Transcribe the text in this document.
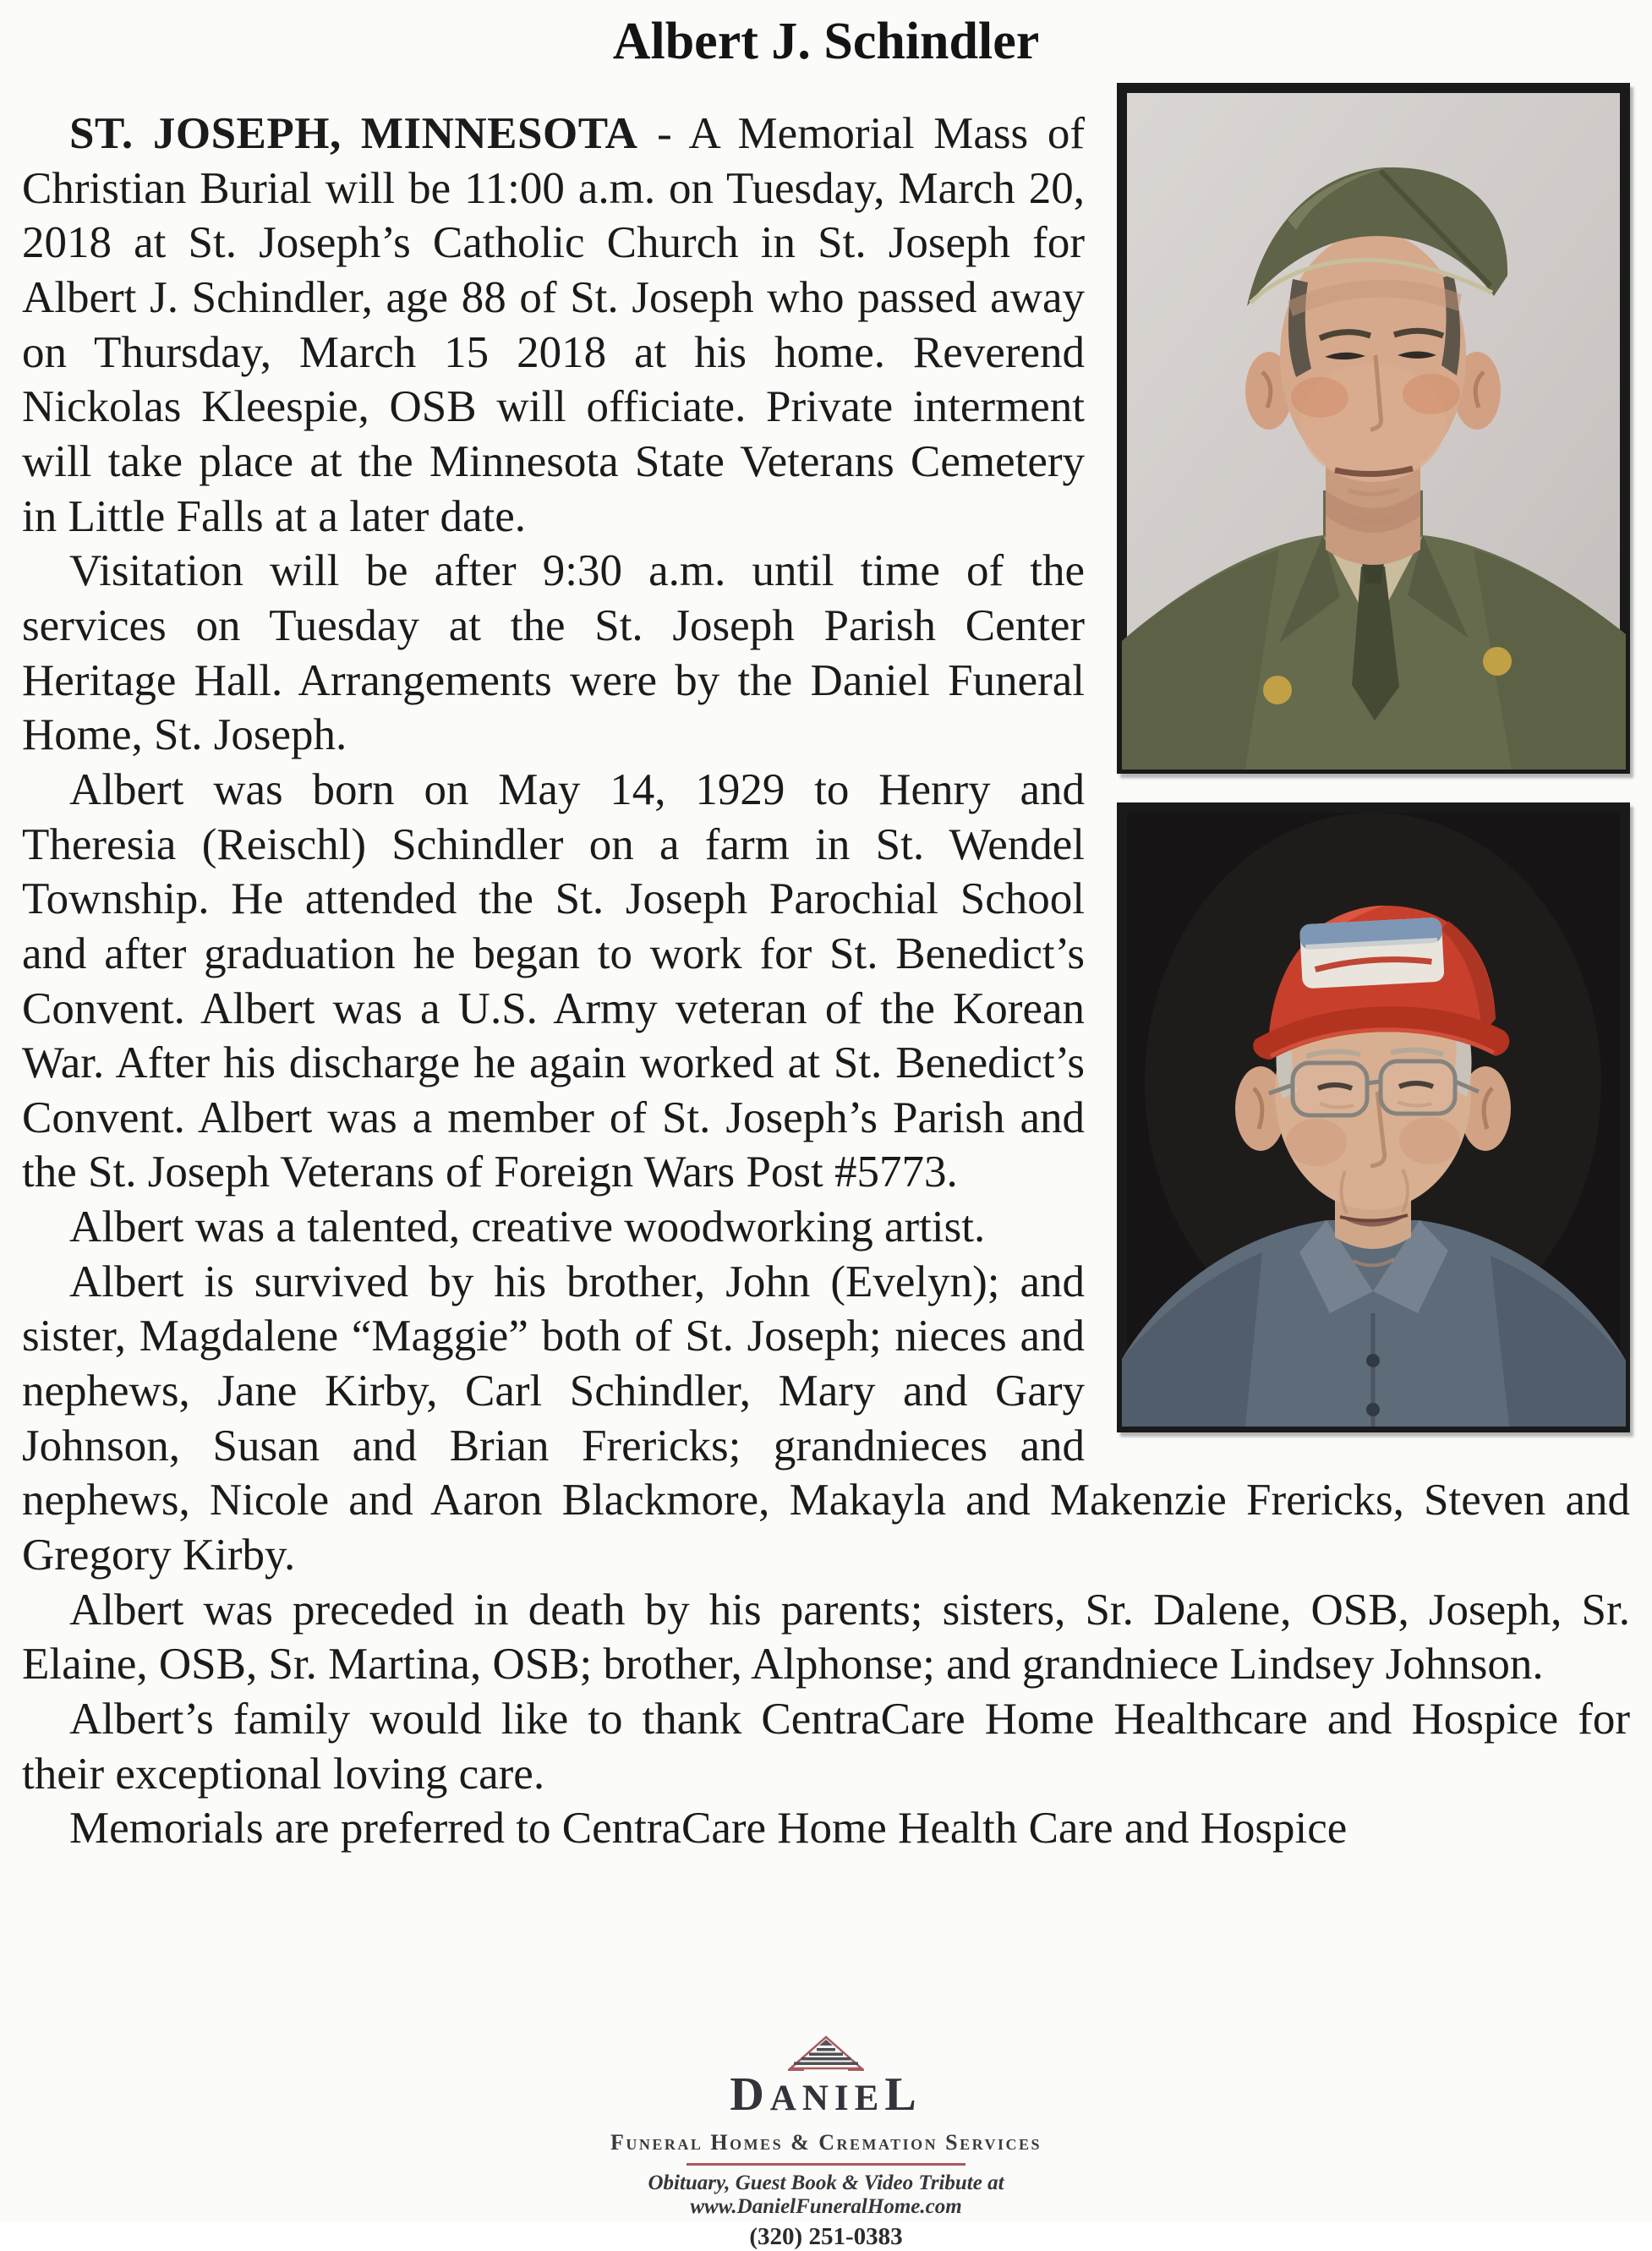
Albert J. Schindler

ST. JOSEPH, MINNESOTA - A Memorial Mass of Christian Burial will be 11:00 a.m. on Tuesday, March 20, 2018 at St. Joseph’s Catholic Church in St. Joseph for Albert J. Schindler, age 88 of St. Joseph who passed away on Thursday, March 15 2018 at his home. Reverend Nickolas Kleespie, OSB will officiate. Private interment will take place at the Minnesota State Veterans Cemetery in Little Falls at a later date.

Visitation will be after 9:30 a.m. until time of the services on Tuesday at the St. Joseph Parish Center Heritage Hall. Arrangements were by the Daniel Funeral Home, St. Joseph.

Albert was born on May 14, 1929 to Henry and Theresia (Reischl) Schindler on a farm in St. Wendel Township. He attended the St. Joseph Parochial School and after graduation he began to work for St. Benedict’s Convent. Albert was a U.S. Army veteran of the Korean War. After his discharge he again worked at St. Benedict’s Convent. Albert was a member of St. Joseph’s Parish and the St. Joseph Veterans of Foreign Wars Post #5773.

Albert was a talented, creative woodworking artist.

Albert is survived by his brother, John (Evelyn); and sister, Magdalene “Maggie” both of St. Joseph; nieces and nephews, Jane Kirby, Carl Schindler, Mary and Gary Johnson, Susan and Brian Frericks; grandnieces and nephews, Nicole and Aaron Blackmore, Makayla and Makenzie Frericks, Steven and Gregory Kirby.

Albert was preceded in death by his parents; sisters, Sr. Dalene, OSB, Joseph, Sr. Elaine, OSB, Sr. Martina, OSB; brother, Alphonse; and grandniece Lindsey Johnson.

Albert’s family would like to thank CentraCare Home Healthcare and Hospice for their exceptional loving care.

Memorials are preferred to CentraCare Home Health Care and Hospice

DANIEL
Funeral Homes & Cremation Services
Obituary, Guest Book & Video Tribute at
www.DanielFuneralHome.com
(320) 251-0383
